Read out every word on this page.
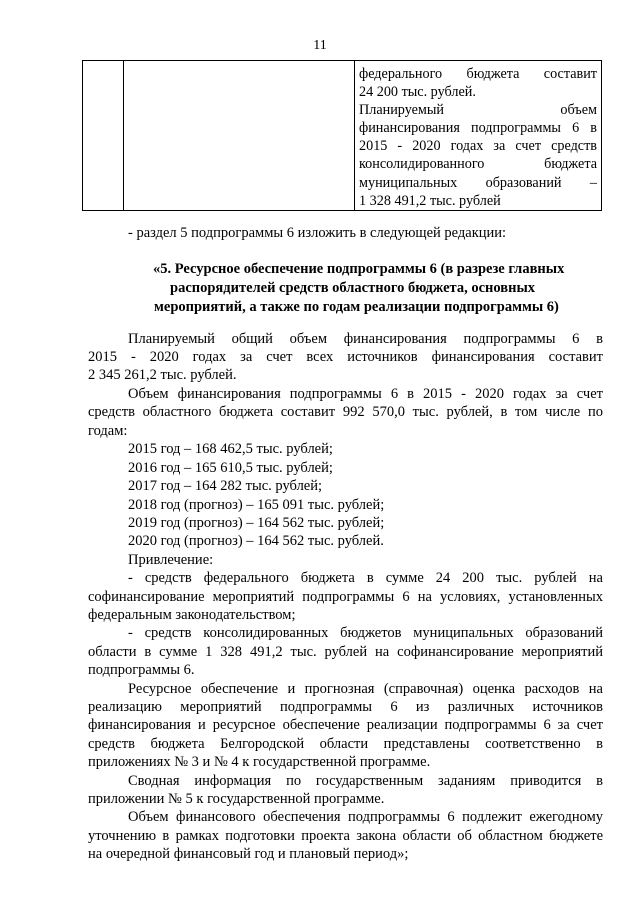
11

федерального бюджета составит
24 200 тыс. рублей.
Планируемый объем
финансирования подпрограммы 6 в
2015 - 2020 годах за счет средств
консолидированного бюджета
муниципальных образований –
1 328 491,2 тыс. рублей
- раздел 5 подпрограммы 6 изложить в следующей редакции:
«5. Ресурсное обеспечение подпрограммы 6 (в разрезе главных
распорядителей средств областного бюджета, основных
мероприятий, а также по годам реализации подпрограммы 6)
Планируемый общий объем финансирования подпрограммы 6 в
2015 - 2020 годах за счет всех источников финансирования составит
2 345 261,2 тыс. рублей.
Объем финансирования подпрограммы 6 в 2015 - 2020 годах за счет
средств областного бюджета составит 992 570,0 тыс. рублей, в том числе по
годам:
2015 год – 168 462,5 тыс. рублей;
2016 год – 165 610,5 тыс. рублей;
2017 год – 164 282 тыс. рублей;
2018 год (прогноз) – 165 091 тыс. рублей;
2019 год (прогноз) – 164 562 тыс. рублей;
2020 год (прогноз) – 164 562 тыс. рублей.
Привлечение:
- средств федерального бюджета в сумме 24 200 тыс. рублей на
софинансирование мероприятий подпрограммы 6 на условиях, установленных
федеральным законодательством;
- средств консолидированных бюджетов муниципальных образований
области в сумме 1 328 491,2 тыс. рублей на софинансирование мероприятий
подпрограммы 6.
Ресурсное обеспечение и прогнозная (справочная) оценка расходов на
реализацию мероприятий подпрограммы 6 из различных источников
финансирования и ресурсное обеспечение реализации подпрограммы 6 за счет
средств бюджета Белгородской области представлены соответственно в
приложениях № 3 и № 4 к государственной программе.
Сводная информация по государственным заданиям приводится в
приложении № 5 к государственной программе.
Объем финансового обеспечения подпрограммы 6 подлежит ежегодному
уточнению в рамках подготовки проекта закона области об областном бюджете
на очередной финансовый год и плановый период»;
